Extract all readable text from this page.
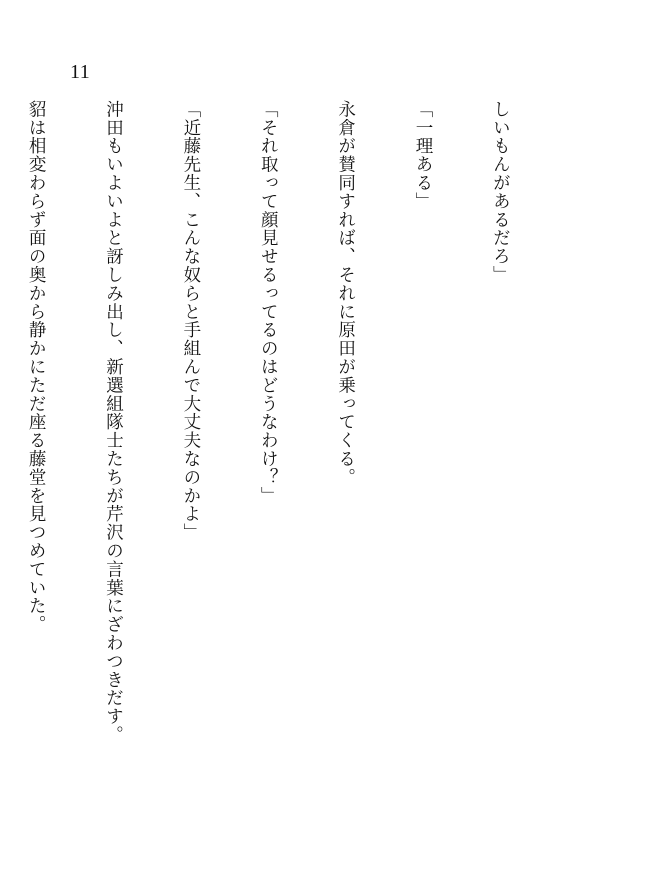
11

しいもんがあるだろ」

「一理ある」

永倉が賛同すれば、それに原田が乗ってくる。

「それ取って顔見せるってるのはどうなわけ？」

「近藤先生、こんな奴らと手組んで大丈夫なのかよ」

沖田もいよいよと訝しみ出し、新選組隊士たちが芹沢の言葉にざわつきだす。

貂は相変わらず面の奥から静かにただ座る藤堂を見つめていた。
